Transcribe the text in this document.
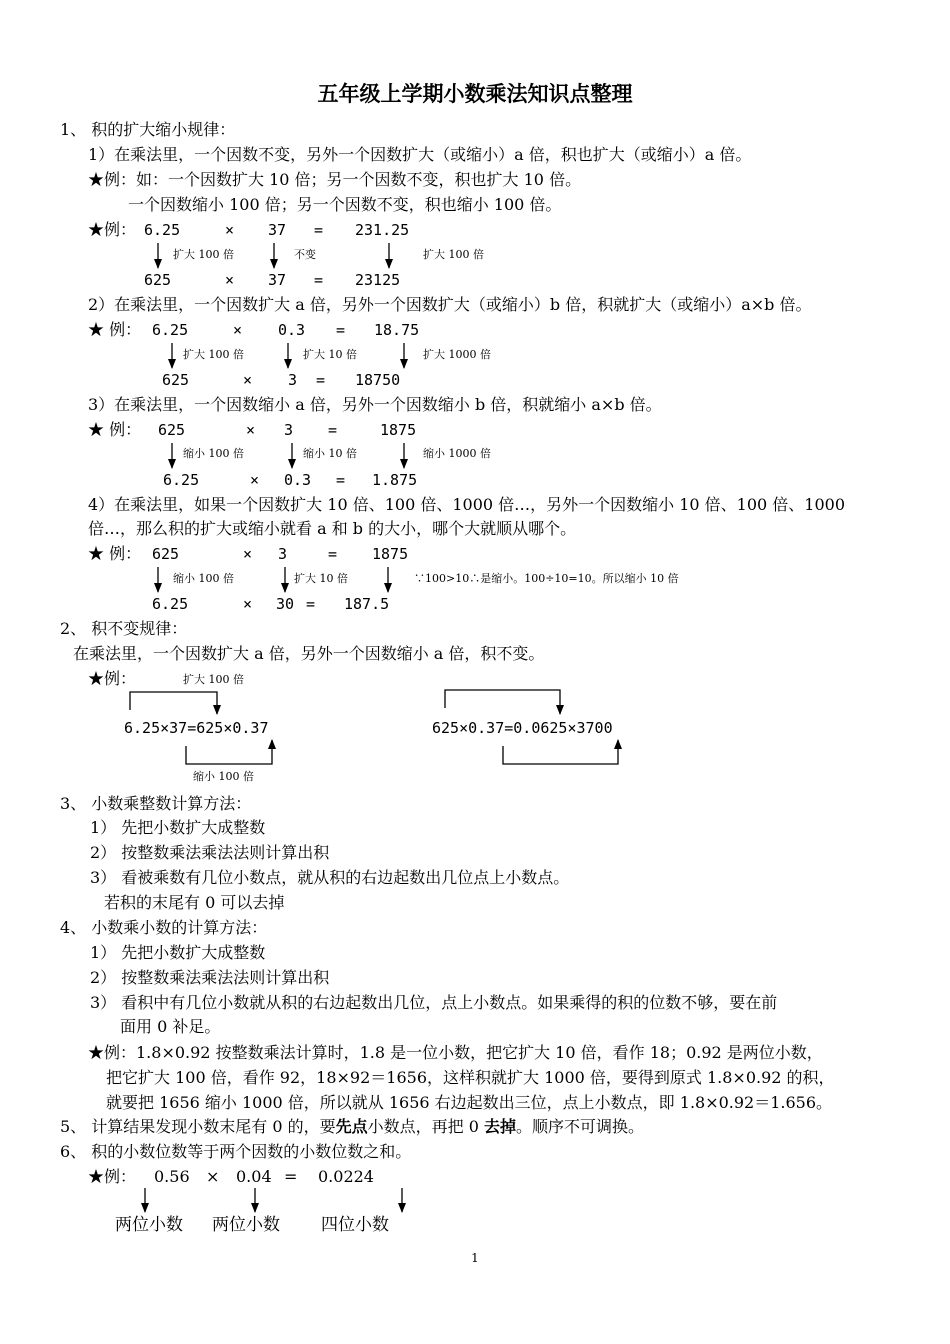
五年级上学期小数乘法知识点整理
1、 积的扩大缩小规律：
1）在乘法里，一个因数不变，另外一个因数扩大（或缩小）a 倍，积也扩大（或缩小）a 倍。
★例：如：一个因数扩大 10 倍；另一个因数不变，积也扩大 10 倍。
一个因数缩小 100 倍；另一个因数不变，积也缩小 100 倍。
★例： 6.25	× 37 = 231.25
扩大 100 倍	不变	扩大 100 倍
625	× 37 = 23125
2）在乘法里，一个因数扩大 a 倍，另外一个因数扩大（或缩小）b 倍，积就扩大（或缩小）a×b 倍。
★ 例： 6.25	× 0.3 = 18.75
扩大 100 倍	扩大 10 倍	扩大 1000 倍
625	× 3 = 18750
3）在乘法里，一个因数缩小 a 倍，另外一个因数缩小 b 倍，积就缩小 a×b 倍。
★ 例： 625	× 3 =	1875
缩小 100 倍	缩小 10 倍	缩小 1000 倍
6.25	× 0.3 = 1.875
4）在乘法里，如果一个因数扩大 10 倍、100 倍、1000 倍…，另外一个因数缩小 10 倍、100 倍、1000
倍…，那么积的扩大或缩小就看 a 和 b 的大小，哪个大就顺从哪个。
★ 例： 625	× 3	= 1875
缩小 100 倍	扩大 10 倍	∵100>10∴是缩小。100÷10=10。所以缩小 10 倍
6.25	× 30 = 187.5
2、 积不变规律：
在乘法里，一个因数扩大 a 倍，另外一个因数缩小 a 倍，积不变。
★例：	扩大 100 倍
6.25×37=625×0.37	625×0.37=0.0625×3700
缩小 100 倍
3、 小数乘整数计算方法：
1） 先把小数扩大成整数
2） 按整数乘法乘法法则计算出积
3） 看被乘数有几位小数点，就从积的右边起数出几位点上小数点。
若积的末尾有 0 可以去掉
4、 小数乘小数的计算方法：
1） 先把小数扩大成整数
2） 按整数乘法乘法法则计算出积
3） 看积中有几位小数就从积的右边起数出几位，点上小数点。如果乘得的积的位数不够，要在前
面用 0 补足。
★例：1.8×0.92 按整数乘法计算时，1.8 是一位小数，把它扩大 10 倍，看作 18；0.92 是两位小数，
把它扩大 100 倍，看作 92，18×92＝1656，这样积就扩大 1000 倍，要得到原式 1.8×0.92 的积，
就要把 1656 缩小 1000 倍，所以就从 1656 右边起数出三位，点上小数点，即 1.8×0.92＝1.656。
5、 计算结果发现小数末尾有 0 的，要先点小数点，再把 0 去掉。顺序不可调换。
6、 积的小数位数等于两个因数的小数位数之和。
★例： 0.56 × 0.04 = 0.0224
两位小数 两位小数 四位小数
1
